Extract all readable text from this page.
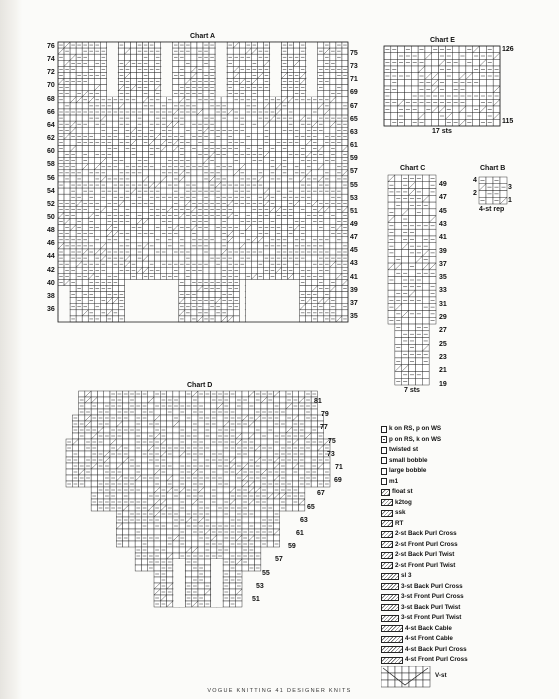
Chart A
76
74
72
70
68
66
64
62
60
58
56
54
52
50
48
46
44
42
40
38
36
75
73
71
69
67
65
63
61
59
57
55
53
51
49
47
45
43
41
39
37
35
Chart E
126
115
17 sts
Chart C
49
47
45
43
41
39
37
35
33
31
29
27
25
23
21
19
7 sts
Chart B
4
3
2
1
4-st rep
Chart D
81
79
77
75
73
71
69
67
65
63
61
59
57
55
53
51
k on RS, p on WS
p on RS, k on WS
twisted st
small bobble
large bobble
m1
float st
k2tog
ssk
RT
2-st Back Purl Cross
2-st Front Purl Cross
2-st Back Purl Twist
2-st Front Purl Twist
sl 3
3-st Back Purl Cross
3-st Front Purl Cross
3-st Back Purl Twist
3-st Front Purl Twist
4-st Back Cable
4-st Front Cable
4-st Back Purl Cross
4-st Front Purl Cross
V-st
VOGUE KNITTING 41 DESIGNER KNITS
